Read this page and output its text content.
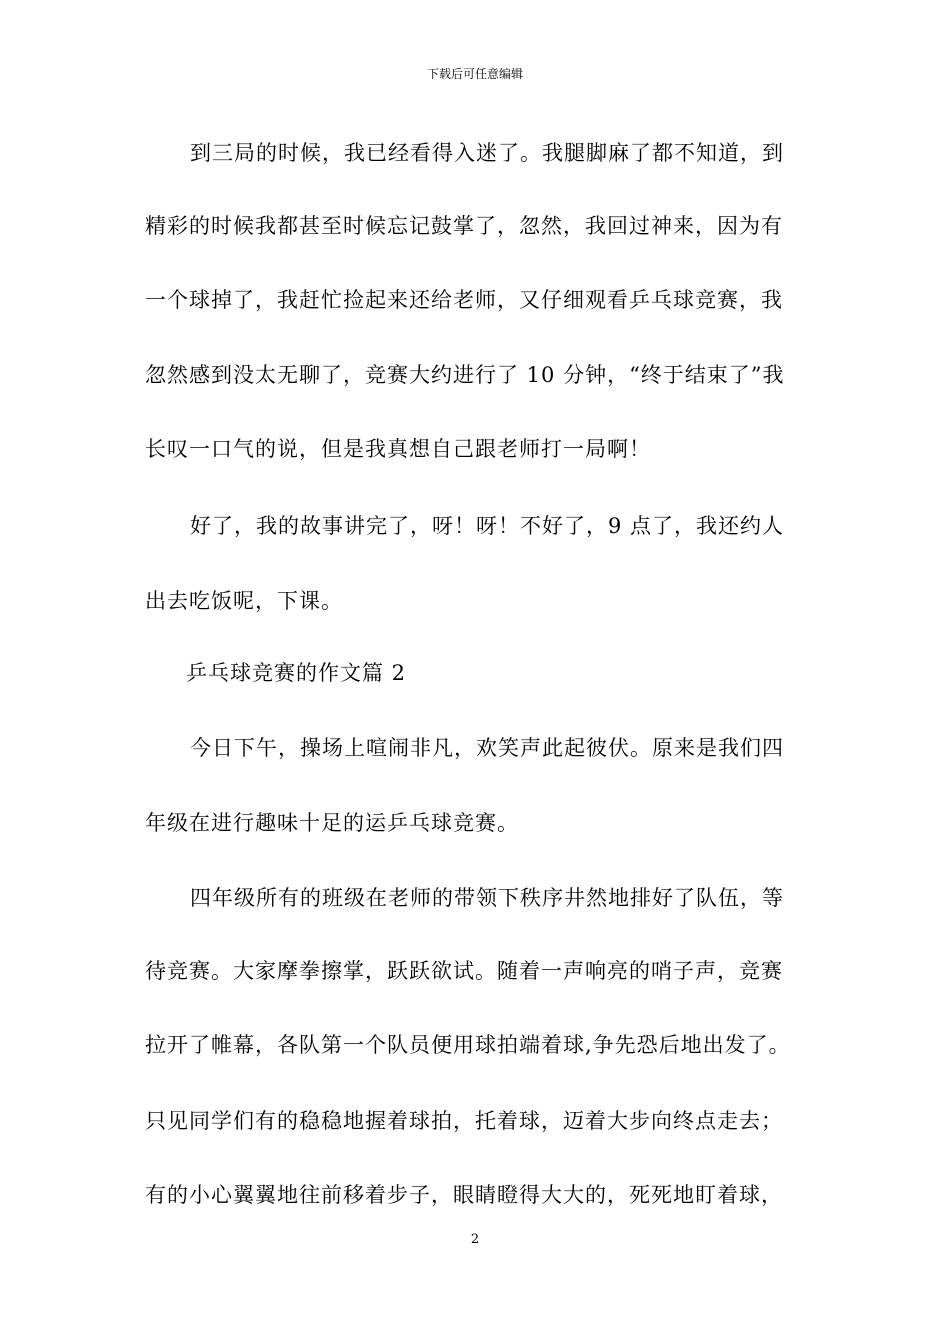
下载后可任意编辑
到三局的时候，我已经看得入迷了。我腿脚麻了都不知道，到
精彩的时候我都甚至时候忘记鼓掌了，忽然，我回过神来，因为有
一个球掉了，我赶忙捡起来还给老师，又仔细观看乒乓球竞赛，我
忽然感到没太无聊了，竞赛大约进行了 10 分钟，“终于结束了”我
长叹一口气的说，但是我真想自己跟老师打一局啊！
好了，我的故事讲完了，呀！呀！不好了，9 点了，我还约人
出去吃饭呢，下课。
乒乓球竞赛的作文篇 2
今日下午，操场上喧闹非凡，欢笑声此起彼伏。原来是我们四
年级在进行趣味十足的运乒乓球竞赛。
四年级所有的班级在老师的带领下秩序井然地排好了队伍，等
待竞赛。大家摩拳擦掌，跃跃欲试。随着一声响亮的哨子声，竞赛
拉开了帷幕，各队第一个队员便用球拍端着球,争先恐后地出发了。
只见同学们有的稳稳地握着球拍，托着球，迈着大步向终点走去；
有的小心翼翼地往前移着步子，眼睛瞪得大大的，死死地盯着球，
2
